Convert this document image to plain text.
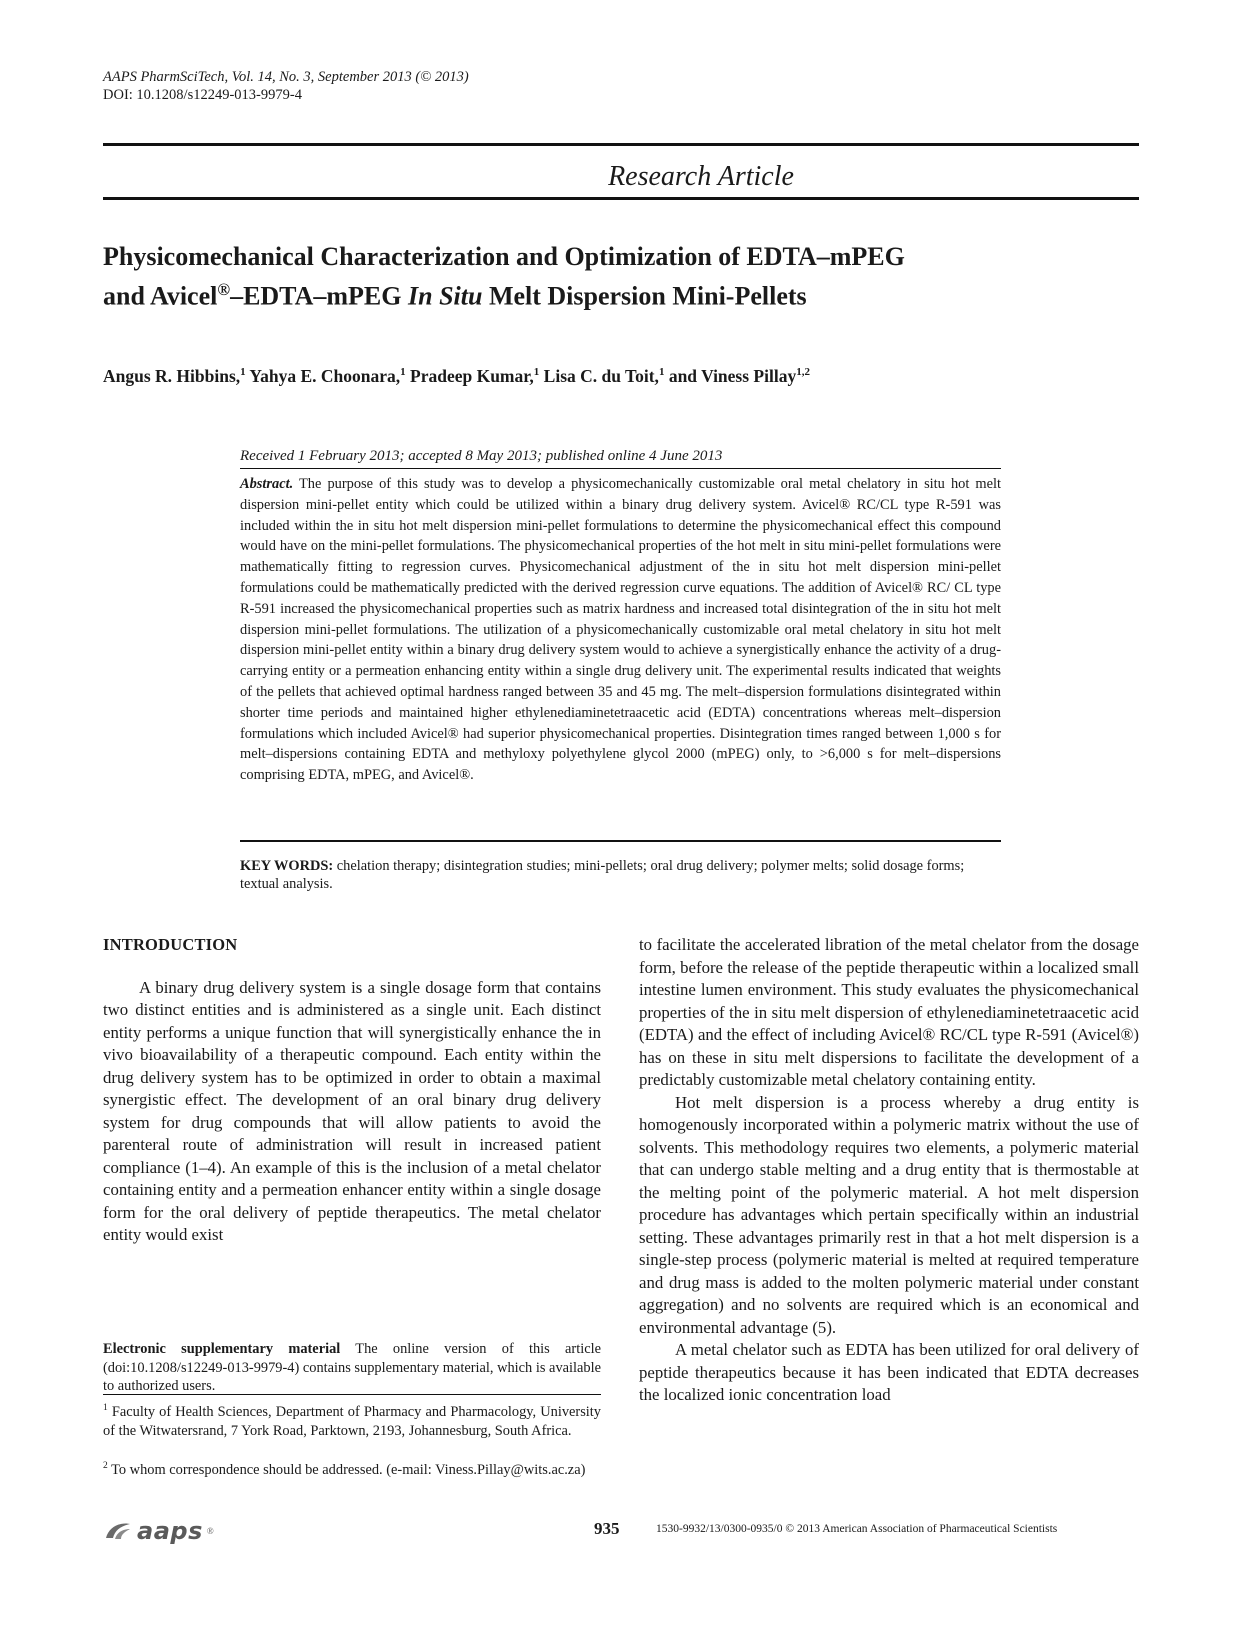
AAPS PharmSciTech, Vol. 14, No. 3, September 2013 (© 2013)
DOI: 10.1208/s12249-013-9979-4
Research Article
Physicomechanical Characterization and Optimization of EDTA–mPEG
and Avicel®–EDTA–mPEG In Situ Melt Dispersion Mini-Pellets
Angus R. Hibbins,$^1$ Yahya E. Choonara,$^1$ Pradeep Kumar,$^1$ Lisa C. du Toit,$^1$ and Viness Pillay$^{1,2}$
Received 1 February 2013; accepted 8 May 2013; published online 4 June 2013
Abstract. The purpose of this study was to develop a physicomechanically customizable oral metal chelatory in situ hot melt dispersion mini-pellet entity which could be utilized within a binary drug delivery system. Avicel® RC/CL type R-591 was included within the in situ hot melt dispersion mini-pellet formulations to determine the physicomechanical effect this compound would have on the mini-pellet formulations. The physicomechanical properties of the hot melt in situ mini-pellet formulations were mathematically fitting to regression curves. Physicomechanical adjustment of the in situ hot melt dispersion mini-pellet formulations could be mathematically predicted with the derived regression curve equations. The addition of Avicel® RC/ CL type R-591 increased the physicomechanical properties such as matrix hardness and increased total disintegration of the in situ hot melt dispersion mini-pellet formulations. The utilization of a physicomechanically customizable oral metal chelatory in situ hot melt dispersion mini-pellet entity within a binary drug delivery system would to achieve a synergistically enhance the activity of a drug-carrying entity or a permeation enhancing entity within a single drug delivery unit. The experimental results indicated that weights of the pellets that achieved optimal hardness ranged between 35 and 45 mg. The melt–dispersion formulations disintegrated within shorter time periods and maintained higher ethylenediaminetetraacetic acid (EDTA) concentrations whereas melt–dispersion formulations which included Avicel® had superior physicomechanical properties. Disintegration times ranged between 1,000 s for melt–dispersions containing EDTA and methyloxy polyethylene glycol 2000 (mPEG) only, to >6,000 s for melt–dispersions comprising EDTA, mPEG, and Avicel®.
KEY WORDS: chelation therapy; disintegration studies; mini-pellets; oral drug delivery; polymer melts; solid dosage forms; textual analysis.
INTRODUCTION

A binary drug delivery system is a single dosage form that contains two distinct entities and is administered as a single unit. Each distinct entity performs a unique function that will synergistically enhance the in vivo bioavailability of a therapeutic compound. Each entity within the drug delivery system has to be optimized in order to obtain a maximal synergistic effect. The development of an oral binary drug delivery system for drug compounds that will allow patients to avoid the parenteral route of administration will result in increased patient compliance (1–4). An example of this is the inclusion of a metal chelator containing entity and a permeation enhancer entity within a single dosage form for the oral delivery of peptide therapeutics. The metal chelator entity would exist

to facilitate the accelerated libration of the metal chelator from the dosage form, before the release of the peptide therapeutic within a localized small intestine lumen environment. This study evaluates the physicomechanical properties of the in situ melt dispersion of ethylenediaminetetraacetic acid (EDTA) and the effect of including Avicel® RC/CL type R-591 (Avicel®) has on these in situ melt dispersions to facilitate the development of a predictably customizable metal chelatory containing entity.

Hot melt dispersion is a process whereby a drug entity is homogenously incorporated within a polymeric matrix without the use of solvents. This methodology requires two elements, a polymeric material that can undergo stable melting and a drug entity that is thermostable at the melting point of the polymeric material. A hot melt dispersion procedure has advantages which pertain specifically within an industrial setting. These advantages primarily rest in that a hot melt dispersion is a single-step process (polymeric material is melted at required temperature and drug mass is added to the molten polymeric material under constant aggregation) and no solvents are required which is an economical and environmental advantage (5).

A metal chelator such as EDTA has been utilized for oral delivery of peptide therapeutics because it has been indicated that EDTA decreases the localized ionic concentration load

Electronic supplementary material The online version of this article (doi:10.1208/s12249-013-9979-4) contains supplementary material, which is available to authorized users.
$^1$ Faculty of Health Sciences, Department of Pharmacy and Pharmacology, University of the Witwatersrand, 7 York Road, Parktown, 2193, Johannesburg, South Africa.
$^2$ To whom correspondence should be addressed. (e-mail: Viness.Pillay@wits.ac.za)
aaps ®	935	1530-9932/13/0300-0935/0 © 2013 American Association of Pharmaceutical Scientists
